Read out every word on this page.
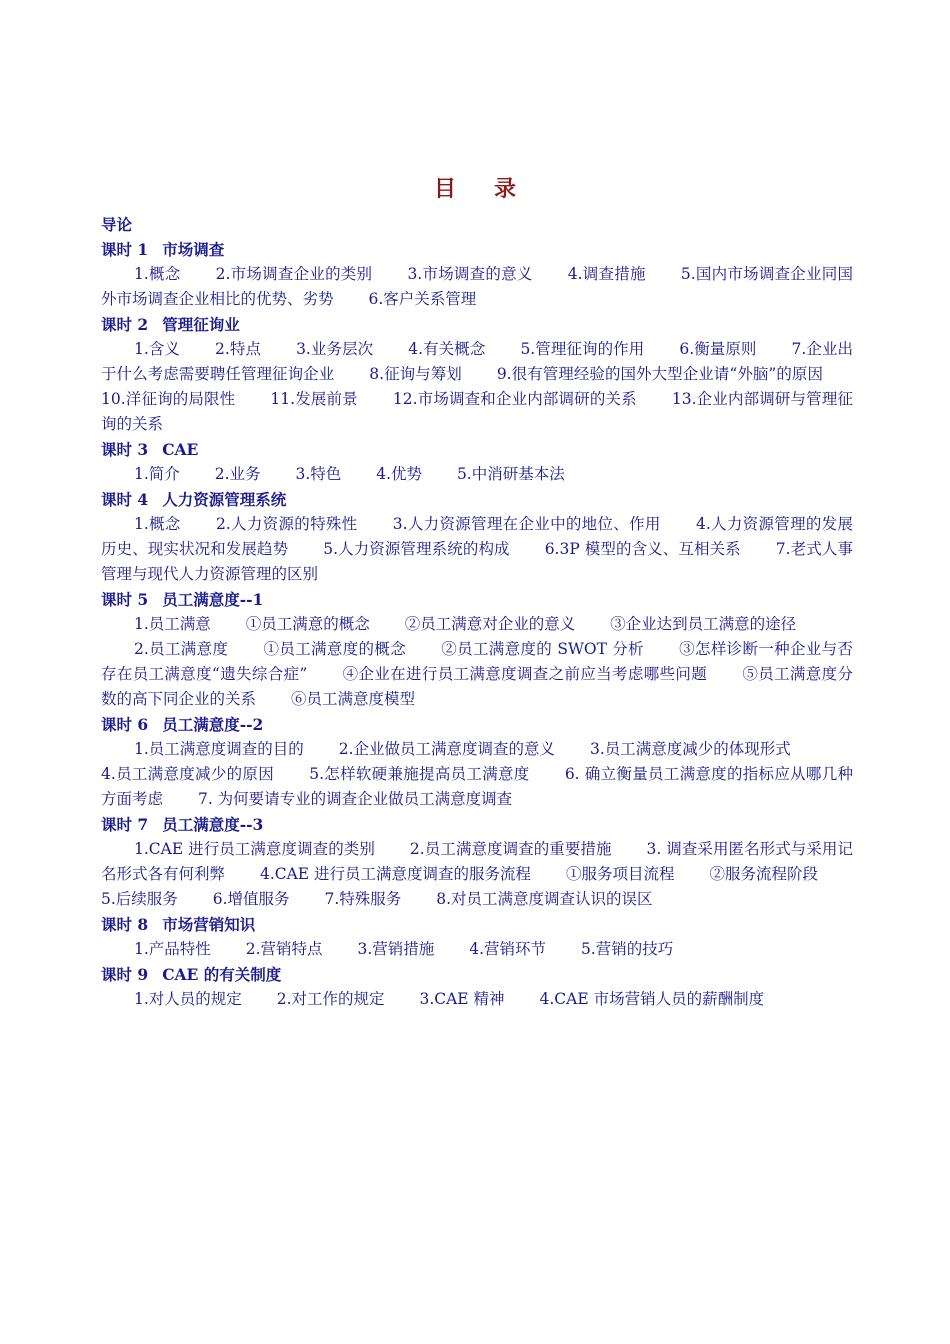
目录
导论
课时 1 市场调查
1.概念 2.市场调查企业的类别 3.市场调查的意义 4.调查措施 5.国内市场调查企业同国外市场调查企业相比的优势、劣势 6.客户关系管理
课时 2 管理征询业
1.含义 2.特点 3.业务层次 4.有关概念 5.管理征询的作用 6.衡量原则 7.企业出于什么考虑需要聘任管理征询企业 8.征询与筹划 9.很有管理经验的国外大型企业请“外脑”的原因 10.洋征询的局限性 11.发展前景 12.市场调查和企业内部调研的关系 13.企业内部调研与管理征询的关系
课时 3 CAE
1.简介 2.业务 3.特色 4.优势 5.中消研基本法
课时 4 人力资源管理系统
1.概念 2.人力资源的特殊性 3.人力资源管理在企业中的地位、作用 4.人力资源管理的发展历史、现实状况和发展趋势 5.人力资源管理系统的构成 6.3P 模型的含义、互相关系 7.老式人事管理与现代人力资源管理的区别
课时 5 员工满意度--1
1.员工满意 ①员工满意的概念 ②员工满意对企业的意义 ③企业达到员工满意的途径
2.员工满意度 ①员工满意度的概念 ②员工满意度的 SWOT 分析 ③怎样诊断一种企业与否存在员工满意度“遗失综合症” ④企业在进行员工满意度调查之前应当考虑哪些问题 ⑤员工满意度分数的高下同企业的关系 ⑥员工满意度模型
课时 6 员工满意度--2
1.员工满意度调查的目的 2.企业做员工满意度调查的意义 3.员工满意度减少的体现形式
4.员工满意度减少的原因 5.怎样软硬兼施提高员工满意度 6. 确立衡量员工满意度的指标应从哪几种方面考虑 7. 为何要请专业的调查企业做员工满意度调查
课时 7 员工满意度--3
1.CAE 进行员工满意度调查的类别 2.员工满意度调查的重要措施 3. 调查采用匿名形式与采用记名形式各有何利弊 4.CAE 进行员工满意度调查的服务流程 ①服务项目流程 ②服务流程阶段
5.后续服务 6.增值服务 7.特殊服务 8.对员工满意度调查认识的误区
课时 8 市场营销知识
1.产品特性 2.营销特点 3.营销措施 4.营销环节 5.营销的技巧
课时 9 CAE 的有关制度
1.对人员的规定 2.对工作的规定 3.CAE 精神 4.CAE 市场营销人员的薪酬制度
